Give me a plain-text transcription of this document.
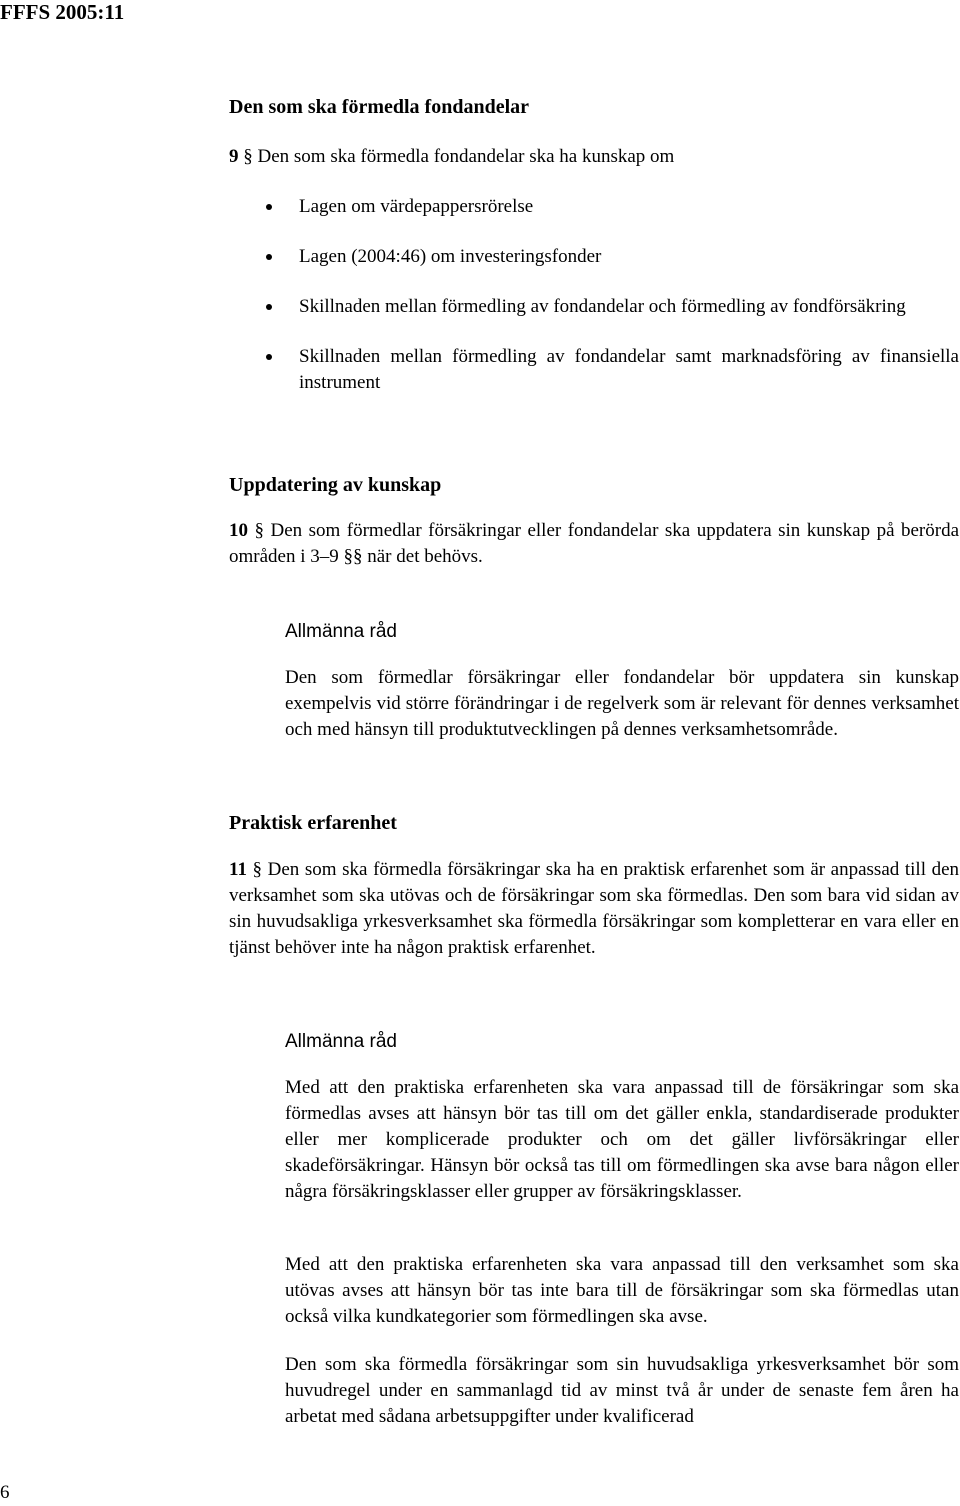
FFFS 2005:11
Den som ska förmedla fondandelar
9 § Den som ska förmedla fondandelar ska ha kunskap om
Lagen om värdepappersrörelse
Lagen (2004:46) om investeringsfonder
Skillnaden mellan förmedling av fondandelar och förmedling av fondförsäkring
Skillnaden mellan förmedling av fondandelar samt marknadsföring av finansiella instrument
Uppdatering av kunskap
10 § Den som förmedlar försäkringar eller fondandelar ska uppdatera sin kunskap på berörda områden i 3–9 §§ när det behövs.
Allmänna råd
Den som förmedlar försäkringar eller fondandelar bör uppdatera sin kunskap exempelvis vid större förändringar i de regelverk som är relevant för dennes verksamhet och med hänsyn till produktutvecklingen på dennes verksamhetsområde.
Praktisk erfarenhet
11 § Den som ska förmedla försäkringar ska ha en praktisk erfarenhet som är anpassad till den verksamhet som ska utövas och de försäkringar som ska förmedlas. Den som bara vid sidan av sin huvudsakliga yrkesverksamhet ska förmedla försäkringar som kompletterar en vara eller en tjänst behöver inte ha någon praktisk erfarenhet.
Allmänna råd
Med att den praktiska erfarenheten ska vara anpassad till de försäkringar som ska förmedlas avses att hänsyn bör tas till om det gäller enkla, standardiserade produkter eller mer komplicerade produkter och om det gäller livförsäkringar eller skadeförsäkringar. Hänsyn bör också tas till om förmedlingen ska avse bara någon eller några försäkringsklasser eller grupper av försäkringsklasser.
Med att den praktiska erfarenheten ska vara anpassad till den verksamhet som ska utövas avses att hänsyn bör tas inte bara till de försäkringar som ska förmedlas utan också vilka kundkategorier som förmedlingen ska avse.
Den som ska förmedla försäkringar som sin huvudsakliga yrkesverksamhet bör som huvudregel under en sammanlagd tid av minst två år under de senaste fem åren ha arbetat med sådana arbetsuppgifter under kvalificerad
6
